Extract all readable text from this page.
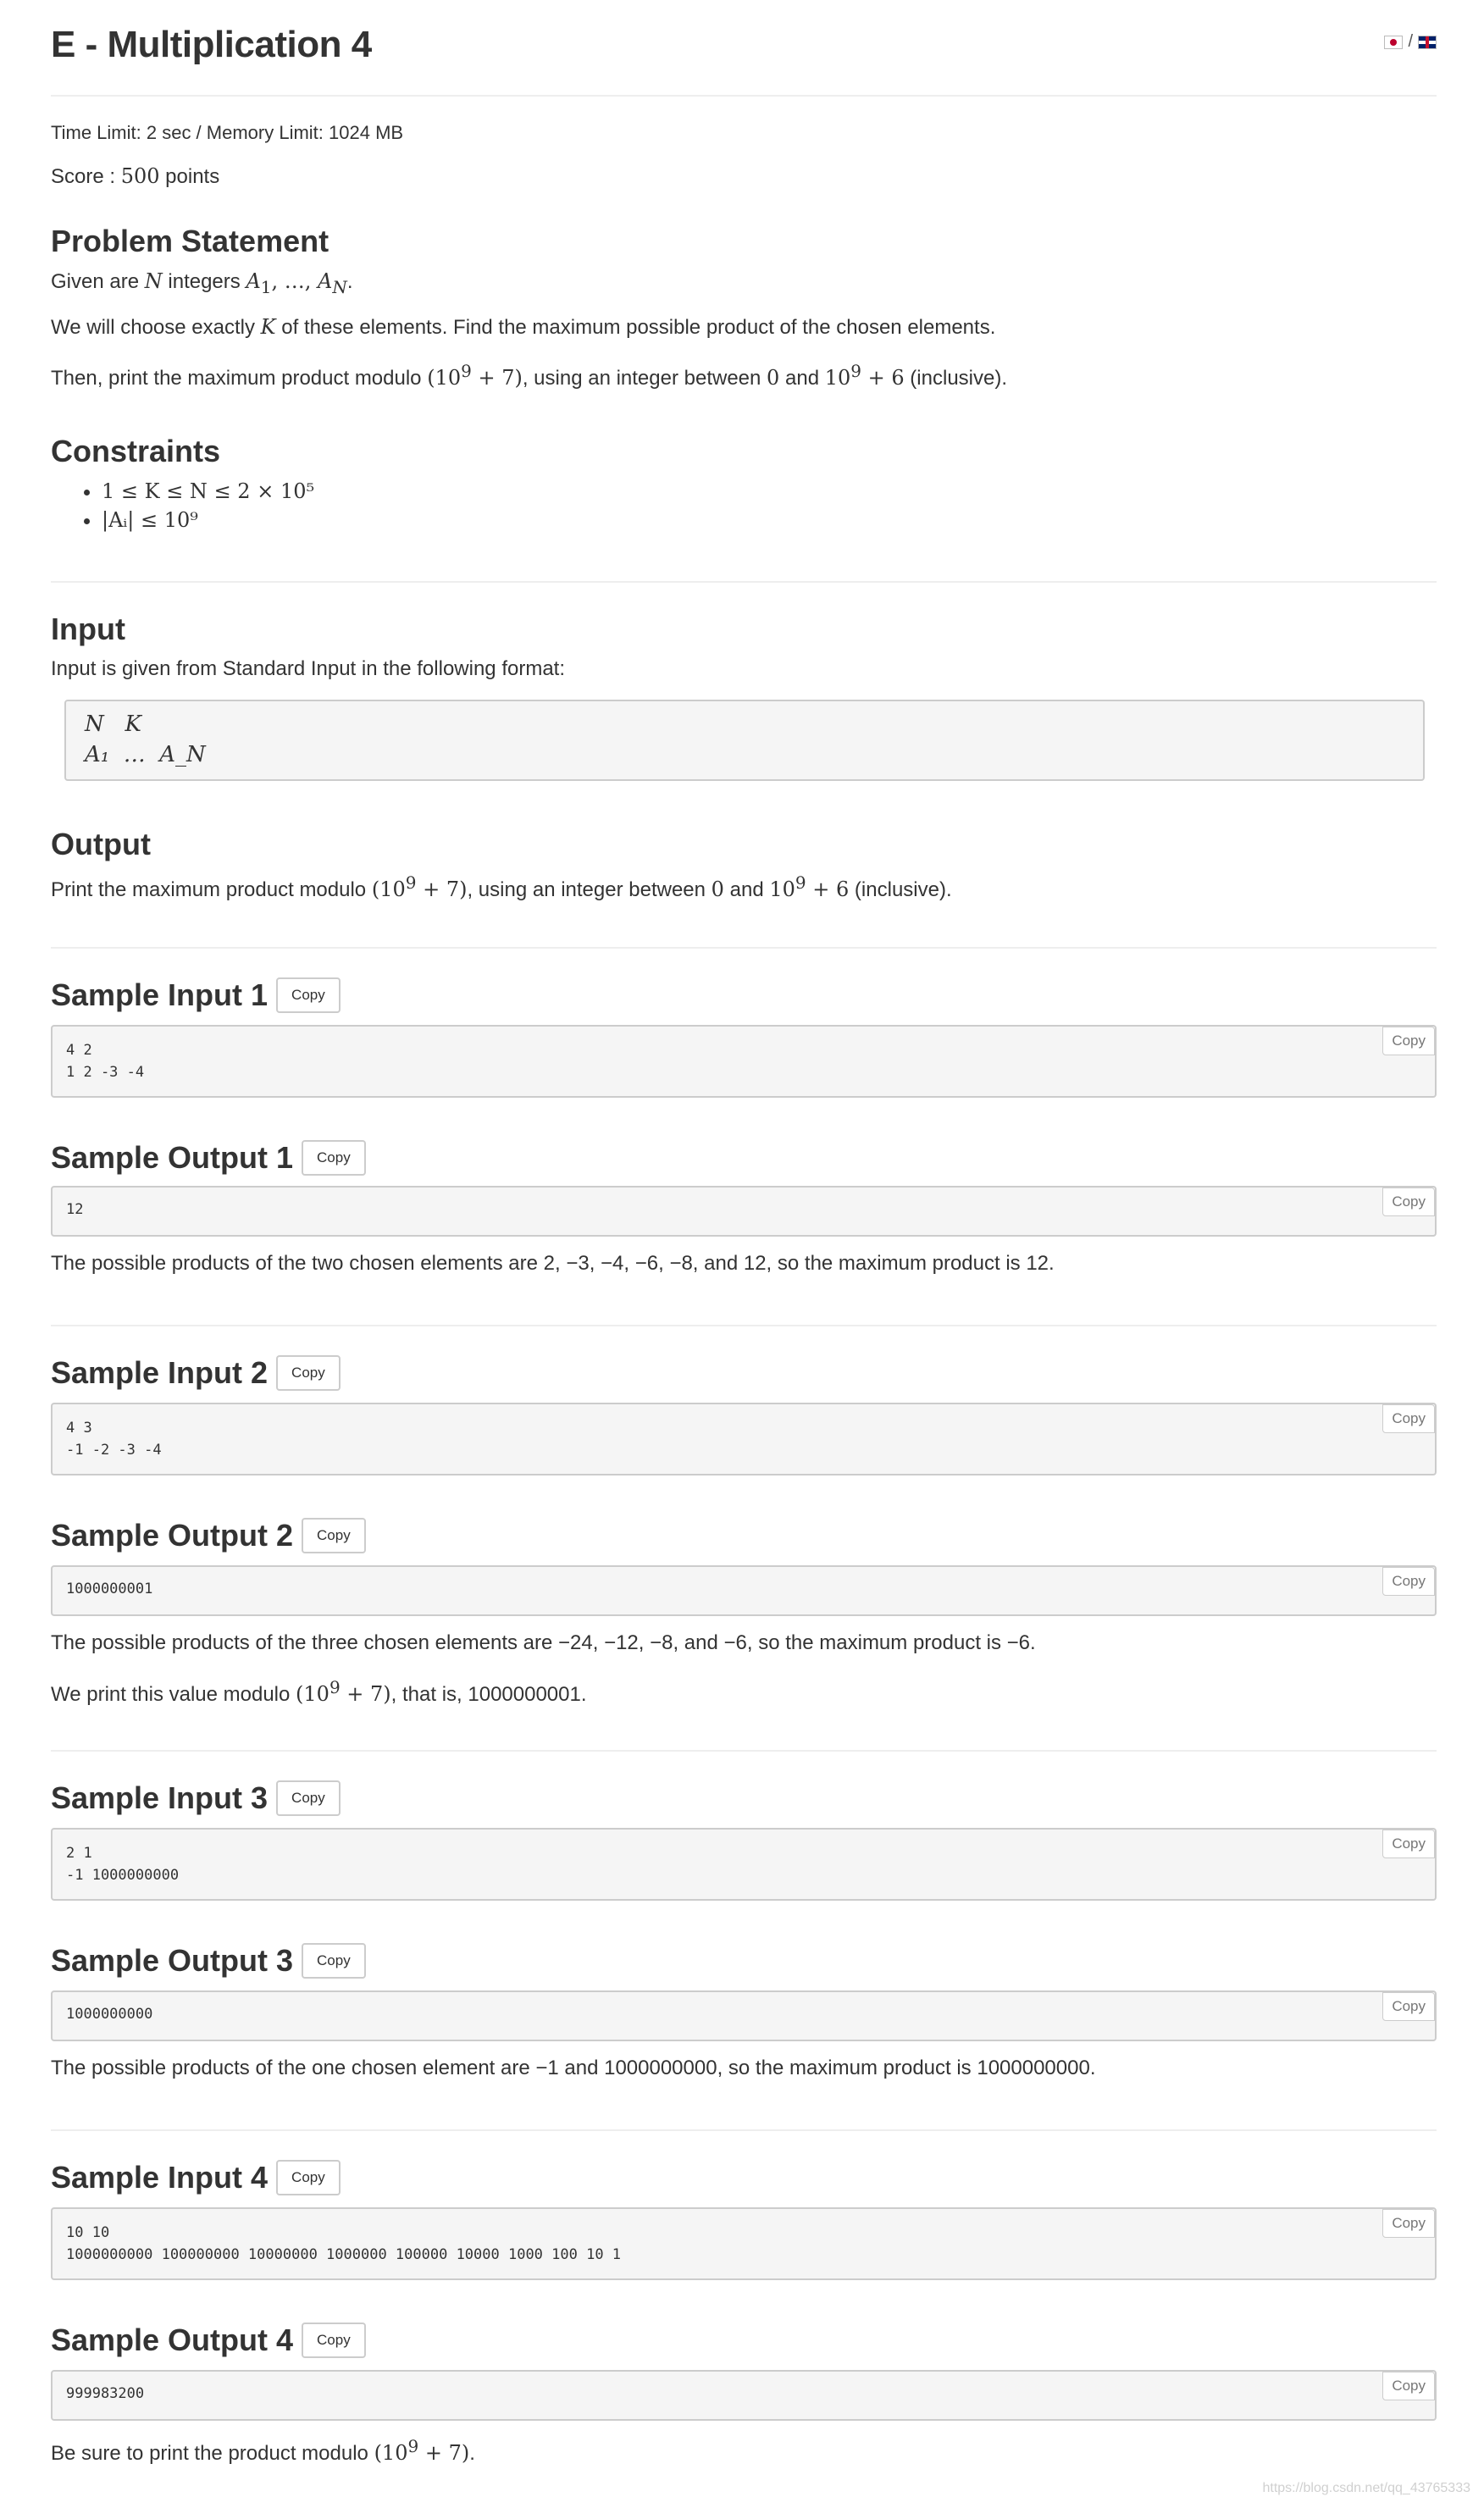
E - Multiplication 4	/
Time Limit: 2 sec / Memory Limit: 1024 MB
Score : 500 points
Problem Statement
Given are N integers $A_1$, …, $A_N$.
We will choose exactly K of these elements. Find the maximum possible product of the chosen elements.
Then, print the maximum product modulo $(10^9 + 7)$, using an integer between 0 and $10^9 + 6$ (inclusive).
Constraints
• 1 ≤ K ≤ N ≤ 2 × 10⁵
• |Aᵢ| ≤ 10⁹
Input
Input is given from Standard Input in the following format:
N   K
A₁  …  A_N
Output
Print the maximum product modulo $(10^9 + 7)$, using an integer between 0 and $10^9 + 6$ (inclusive).
Sample Input 1	Copy
4 2
1 2 -3 -4
Copy
Sample Output 1	Copy
12	Copy
The possible products of the two chosen elements are 2, −3, −4, −6, −8, and 12, so the maximum product is 12.
Sample Input 2	Copy
4 3
-1 -2 -3 -4
Copy
Sample Output 2	Copy
1000000001	Copy
The possible products of the three chosen elements are −24, −12, −8, and −6, so the maximum product is −6.
We print this value modulo $(10^9 + 7)$, that is, 1000000001.
Sample Input 3	Copy
2 1
-1 1000000000
Copy
Sample Output 3	Copy
1000000000	Copy
The possible products of the one chosen element are −1 and 1000000000, so the maximum product is 1000000000.
Sample Input 4	Copy
10 10
1000000000 100000000 10000000 1000000 100000 10000 1000 100 10 1
Copy
Sample Output 4	Copy
999983200	Copy
Be sure to print the product modulo $(10^9 + 7)$.
https://blog.csdn.net/qq_43765333
